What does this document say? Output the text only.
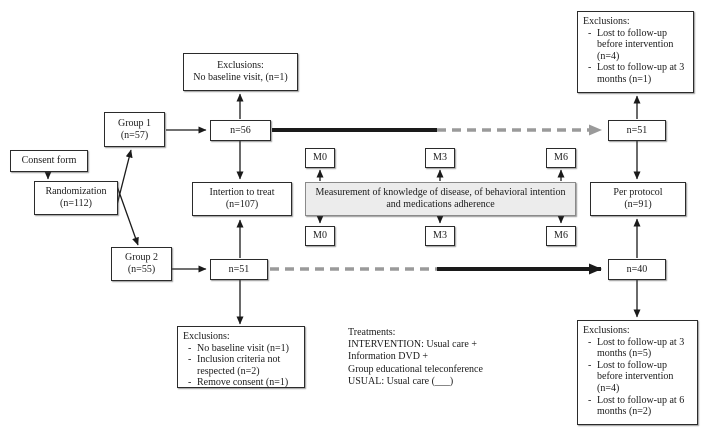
Consent form
Randomization
(n=112)
Group 1
(n=57)
Group 2
(n=55)
n=56
Exclusions:
No baseline visit, (n=1)
Intertion to treat
(n=107)
n=51
Exclusions:
- No baseline visit (n=1)
- Inclusion criteria not respected (n=2)
- Remove consent (n=1)
M0	M3	M6
Measurement of knowledge of disease, of behavioral intention and medications adherence
M0	M3	M6
Exclusions:
- Lost to follow-up before intervention (n=4)
- Lost to follow-up at 3 months (n=1)
n=51
Per protocol
(n=91)
n=40
Exclusions:
- Lost to follow-up at 3 months (n=5)
- Lost to follow-up before intervention (n=4)
- Lost to follow-up at 6 months (n=2)
Treatments:
INTERVENTION: Usual care +
Information DVD +
Group educational teleconference
USUAL: Usual care (___)
